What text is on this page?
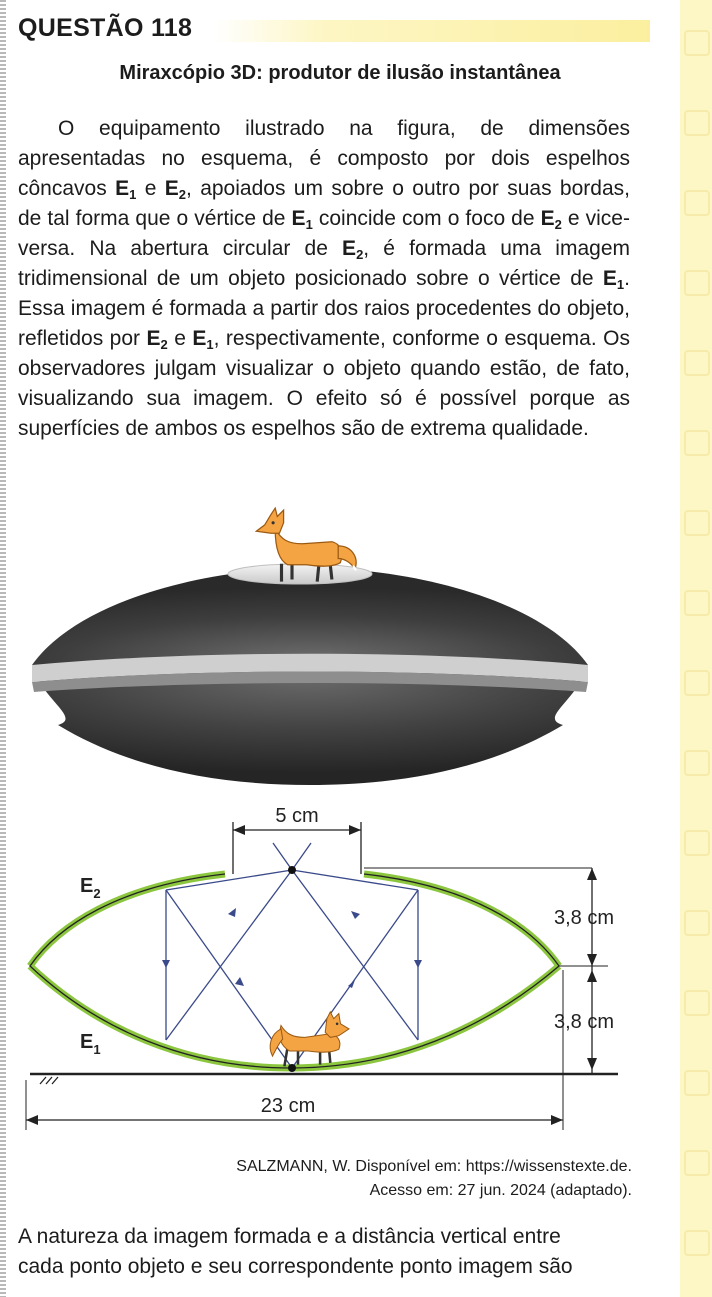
QUESTÃO 118
Miraxcópio 3D: produtor de ilusão instantânea

O equipamento ilustrado na figura, de dimensões apresentadas no esquema, é composto por dois espelhos côncavos $E_1$ e $E_2$, apoiados um sobre o outro por suas bordas, de tal forma que o vértice de $E_1$ coincide com o foco de $E_2$ e vice-versa. Na abertura circular de $E_2$, é formada uma imagem tridimensional de um objeto posicionado sobre o vértice de $E_1$. Essa imagem é formada a partir dos raios procedentes do objeto, refletidos por $E_2$ e $E_1$, respectivamente, conforme o esquema. Os observadores julgam visualizar o objeto quando estão, de fato, visualizando sua imagem. O efeito só é possível porque as superfícies de ambos os espelhos são de extrema qualidade.

5 cm
3,8 cm
3,8 cm
23 cm
$E_2$
$E_1$
SALZMANN, W. Disponível em: https://wissenstexte.de.
Acesso em: 27 jun. 2024 (adaptado).
A natureza da imagem formada e a distância vertical entre
cada ponto objeto e seu correspondente ponto imagem são
